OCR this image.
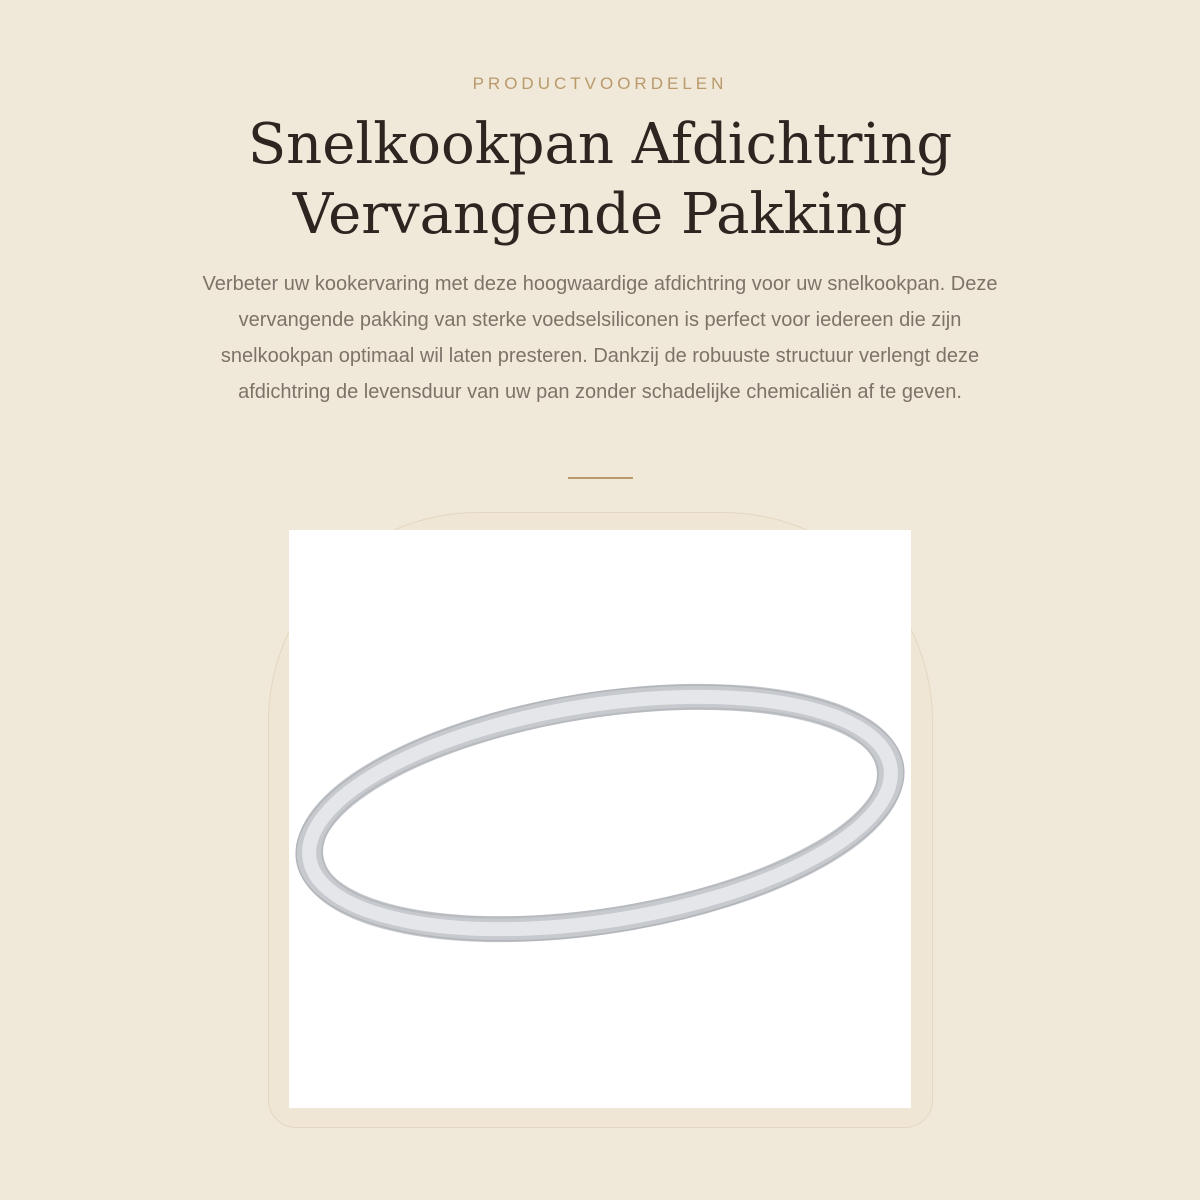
PRODUCTVOORDELEN
Snelkookpan Afdichtring
Vervangende Pakking

Verbeter uw kookervaring met deze hoogwaardige afdichtring voor uw snelkookpan. Deze vervangende pakking van sterke voedselsiliconen is perfect voor iedereen die zijn snelkookpan optimaal wil laten presteren. Dankzij de robuuste structuur verlengt deze afdichtring de levensduur van uw pan zonder schadelijke chemicaliën af te geven.
